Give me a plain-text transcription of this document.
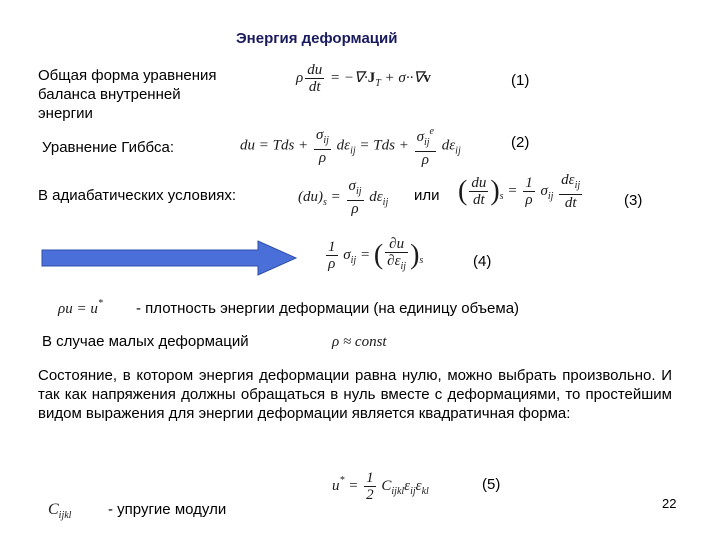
Энергия деформаций
Общая форма уравнения баланса внутренней энергии
ρ $\frac{du}{dt} = -\nabla\cdot J_T + \sigma\cdot\cdot\nabla v$	(1)
Уравнение Гиббса:	du = Tds + $\frac{\sigma_{ij}}{\rho} d\varepsilon_{ij}$ = Tds + $\frac{\sigma_{ij}^e}{\rho} d\varepsilon_{ij}$	(2)
В адиабатических условиях:	$(du)_s = \frac{\sigma_{ij}}{\rho} d\varepsilon_{ij}$ или ( $\frac{du}{dt} )_s = \frac{1}{\rho} \sigma_{ij} \frac{d\varepsilon_{ij}}{dt}$	(3)
$\frac{1}{\rho} \sigma_{ij}$ = ( $\frac{\partial u}{\partial\varepsilon_{ij}} )_s$	(4)
ρu = u* - плотность энергии деформации (на единицу объема)
В случае малых деформаций	ρ ≈ const
Состояние, в котором энергия деформации равна нулю, можно выбрать произвольно. И так как напряжения должны обращаться в нуль вместе с деформациями, то простейшим видом выражения для энергии деформации является квадратичная форма:
$u^* = \frac{1}{2} C_{ijkl}\varepsilon_{ij}\varepsilon_{kl}$	(5)
$C_{ijkl}$ - упругие модули	22
